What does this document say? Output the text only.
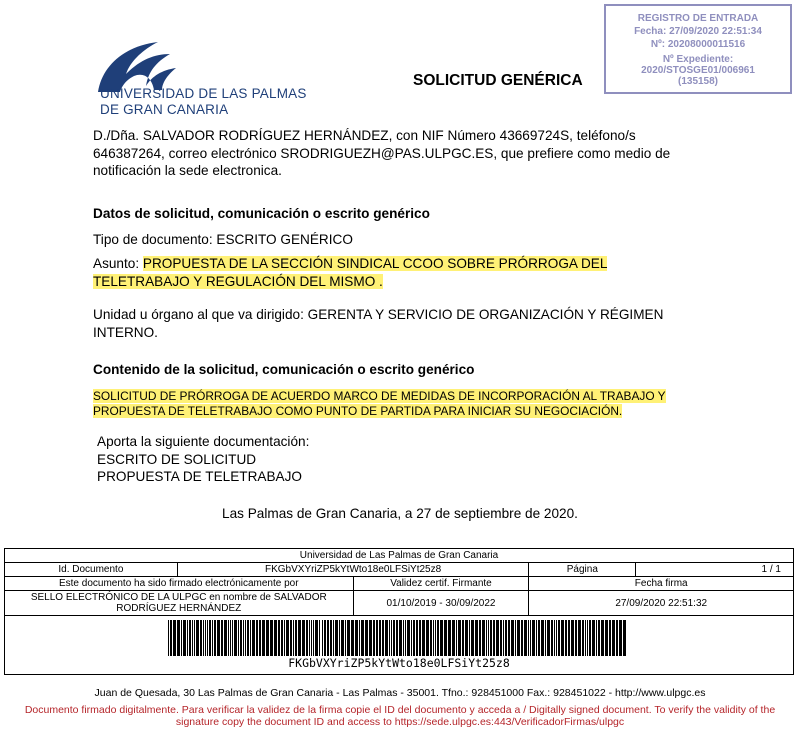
UNIVERSIDAD DE LAS PALMAS
DE GRAN CANARIA
SOLICITUD GENÉRICA
REGISTRO DE ENTRADA
Fecha: 27/09/2020 22:51:34
Nº: 20208000011516
Nº Expediente:
2020/STOSGE01/006961
(135158)
D./Dña. SALVADOR RODRÍGUEZ HERNÁNDEZ, con NIF Número 43669724S, teléfono/s
646387264, correo electrónico SRODRIGUEZH@PAS.ULPGC.ES, que prefiere como medio de
notificación la sede electronica.
Datos de solicitud, comunicación o escrito genérico
Tipo de documento: ESCRITO GENÉRICO
Asunto: PROPUESTA DE LA SECCIÓN SINDICAL CCOO SOBRE PRÓRROGA DEL
TELETRABAJO Y REGULACIÓN DEL MISMO .
Unidad u órgano al que va dirigido: GERENTA Y SERVICIO DE ORGANIZACIÓN Y RÉGIMEN
INTERNO.
Contenido de la solicitud, comunicación o escrito genérico
SOLICITUD DE PRÓRROGA DE ACUERDO MARCO DE MEDIDAS DE INCORPORACIÓN AL TRABAJO Y
PROPUESTA DE TELETRABAJO COMO PUNTO DE PARTIDA PARA INICIAR SU NEGOCIACIÓN.
Aporta la siguiente documentación:
ESCRITO DE SOLICITUD
PROPUESTA DE TELETRABAJO
Las Palmas de Gran Canaria, a 27 de septiembre de 2020.
Universidad de Las Palmas de Gran Canaria				
Id. Documento	FKGbVXYriZP5kYtWto18e0LFSiYt25z8		Página	1 / 1
Este documento ha sido firmado electrónicamente por		Validez certif. Firmante	Fecha firma	

SELLO ELECTRÓNICO DE LA ULPGC en nombre de SALVADOR
RODRÍGUEZ HERNÁNDEZ		01/10/2019 - 30/09/2022	27/09/2020 22:51:32	

FKGbVXYriZP5kYtWto18e0LFSiYt25z8				
Juan de Quesada, 30 Las Palmas de Gran Canaria - Las Palmas - 35001. Tfno.: 928451000 Fax.: 928451022 - http://www.ulpgc.es
Documento firmado digitalmente. Para verificar la validez de la firma copie el ID del documento y acceda a / Digitally signed document. To verify the validity of the
signature copy the document ID and access to https://sede.ulpgc.es:443/VerificadorFirmas/ulpgc
